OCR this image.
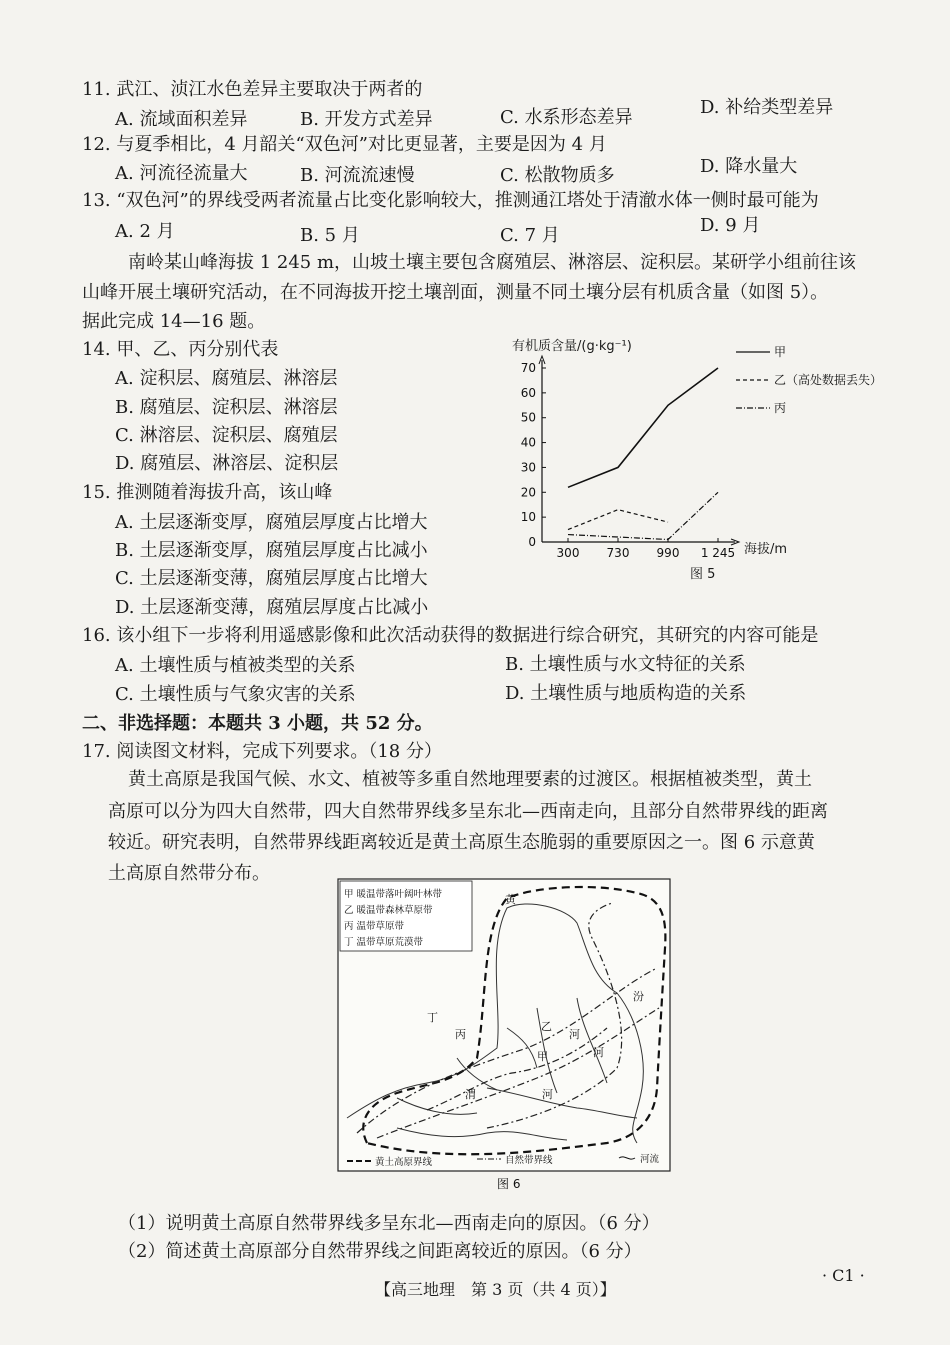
11. 武江、浈江水色差异主要取决于两者的
A. 流域面积差异	B. 开发方式差异	C. 水系形态差异	D. 补给类型差异
12. 与夏季相比，4 月韶关“双色河”对比更显著，主要是因为 4 月
A. 河流径流量大	B. 河流流速慢	C. 松散物质多	D. 降水量大
13. “双色河”的界线受两者流量占比变化影响较大，推测通江塔处于清澈水体一侧时最可能为
A. 2 月	B. 5 月	C. 7 月	D. 9 月
南岭某山峰海拔 1 245 m，山坡土壤主要包含腐殖层、淋溶层、淀积层。某研学小组前往该
山峰开展土壤研究活动，在不同海拔开挖土壤剖面，测量不同土壤分层有机质含量（如图 5）。
据此完成 14—16 题。
14. 甲、乙、丙分别代表
A. 淀积层、腐殖层、淋溶层
B. 腐殖层、淀积层、淋溶层
C. 淋溶层、淀积层、腐殖层
D. 腐殖层、淋溶层、淀积层
15. 推测随着海拔升高，该山峰
A. 土层逐渐变厚，腐殖层厚度占比增大
B. 土层逐渐变厚，腐殖层厚度占比减小
C. 土层逐渐变薄，腐殖层厚度占比增大
D. 土层逐渐变薄，腐殖层厚度占比减小
有机质含量/(g·kg⁻¹)
0
10
20
30
40
50
60
70
300 730 990 1 245
甲
乙（高处数据丢失）
丙
海拔/m
图 5
16. 该小组下一步将利用遥感影像和此次活动获得的数据进行综合研究，其研究的内容可能是
A. 土壤性质与植被类型的关系	B. 土壤性质与水文特征的关系
C. 土壤性质与气象灾害的关系	D. 土壤性质与地质构造的关系
二、非选择题：本题共 3 小题，共 52 分。
17. 阅读图文材料，完成下列要求。（18 分）
黄土高原是我国气候、水文、植被等多重自然地理要素的过渡区。根据植被类型，黄土
高原可以分为四大自然带，四大自然带界线多呈东北—西南走向，且部分自然带界线的距离
较近。研究表明，自然带界线距离较近是黄土高原生态脆弱的重要原因之一。图 6 示意黄
土高原自然带分布。
甲 暖温带落叶阔叶林带
乙 暖温带森林草原带
丙 温带草原带
丁 温带草原荒漠带
黄
汾
河
河
丁
丙
乙
甲
渭	河
黄土高原界线	自然带界线	河流
图 6
（1）说明黄土高原自然带界线多呈东北—西南走向的原因。（6 分）
（2）简述黄土高原部分自然带界线之间距离较近的原因。（6 分）
【高三地理　第 3 页（共 4 页）】
· C1 ·
